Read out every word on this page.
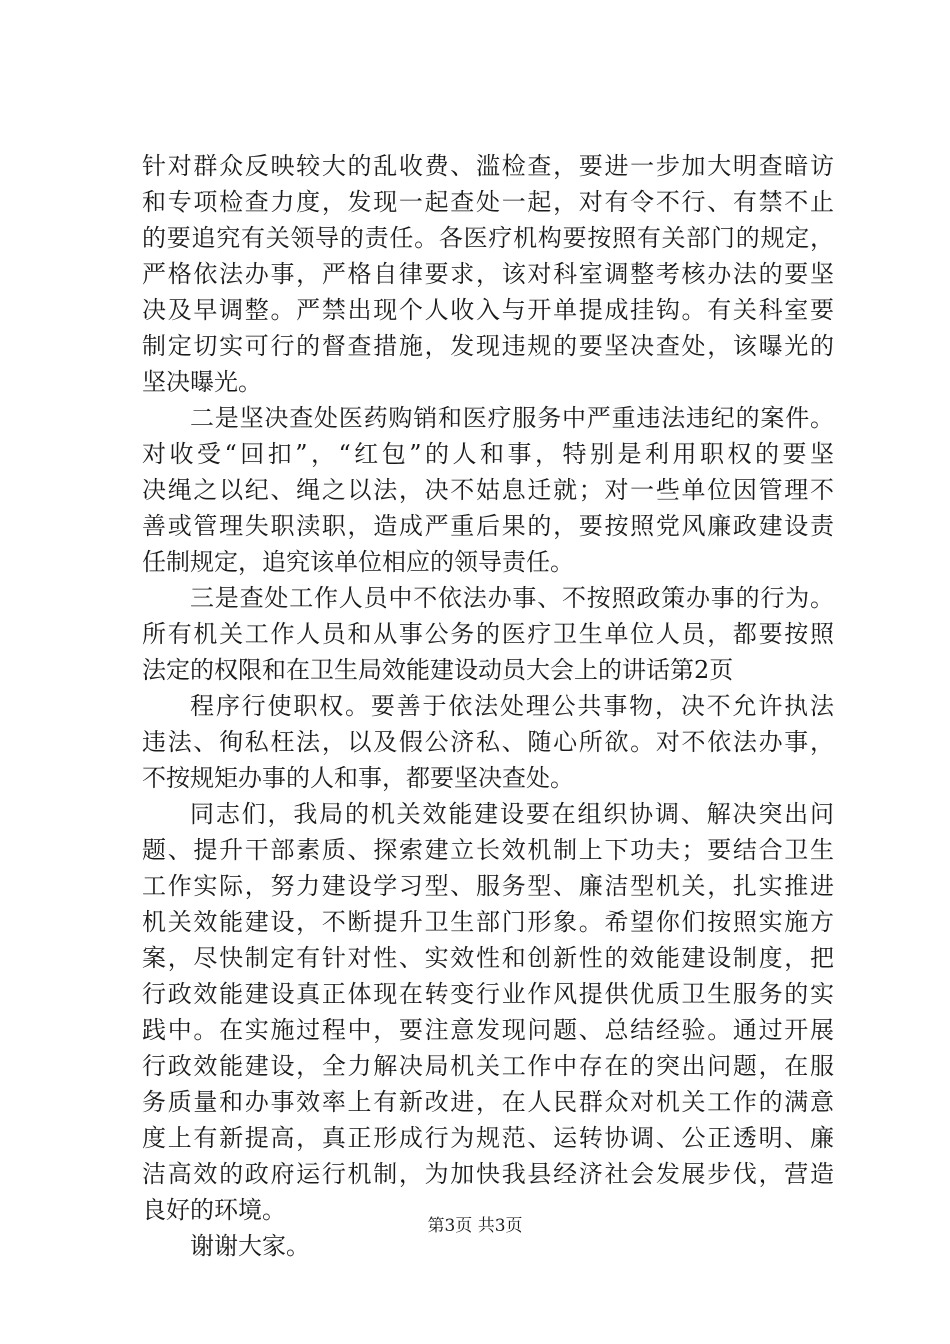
针对群众反映较大的乱收费、滥检查，要进一步加大明查暗访
和专项检查力度，发现一起查处一起，对有令不行、有禁不止
的要追究有关领导的责任。各医疗机构要按照有关部门的规定，
严格依法办事，严格自律要求，该对科室调整考核办法的要坚
决及早调整。严禁出现个人收入与开单提成挂钩。有关科室要
制定切实可行的督查措施，发现违规的要坚决查处，该曝光的
坚决曝光。
二是坚决查处医药购销和医疗服务中严重违法违纪的案件。
对收受“回扣”，“红包”的人和事，特别是利用职权的要坚
决绳之以纪、绳之以法，决不姑息迁就；对一些单位因管理不
善或管理失职渎职，造成严重后果的，要按照党风廉政建设责
任制规定，追究该单位相应的领导责任。
三是查处工作人员中不依法办事、不按照政策办事的行为。
所有机关工作人员和从事公务的医疗卫生单位人员，都要按照
法定的权限和在卫生局效能建设动员大会上的讲话第2页
程序行使职权。要善于依法处理公共事物，决不允许执法
违法、徇私枉法，以及假公济私、随心所欲。对不依法办事，
不按规矩办事的人和事，都要坚决查处。
同志们，我局的机关效能建设要在组织协调、解决突出问
题、提升干部素质、探索建立长效机制上下功夫；要结合卫生
工作实际，努力建设学习型、服务型、廉洁型机关，扎实推进
机关效能建设，不断提升卫生部门形象。希望你们按照实施方
案，尽快制定有针对性、实效性和创新性的效能建设制度，把
行政效能建设真正体现在转变行业作风提供优质卫生服务的实
践中。在实施过程中，要注意发现问题、总结经验。通过开展
行政效能建设，全力解决局机关工作中存在的突出问题，在服
务质量和办事效率上有新改进，在人民群众对机关工作的满意
度上有新提高，真正形成行为规范、运转协调、公正透明、廉
洁高效的政府运行机制，为加快我县经济社会发展步伐，营造
良好的环境。
谢谢大家。
第3页 共3页
